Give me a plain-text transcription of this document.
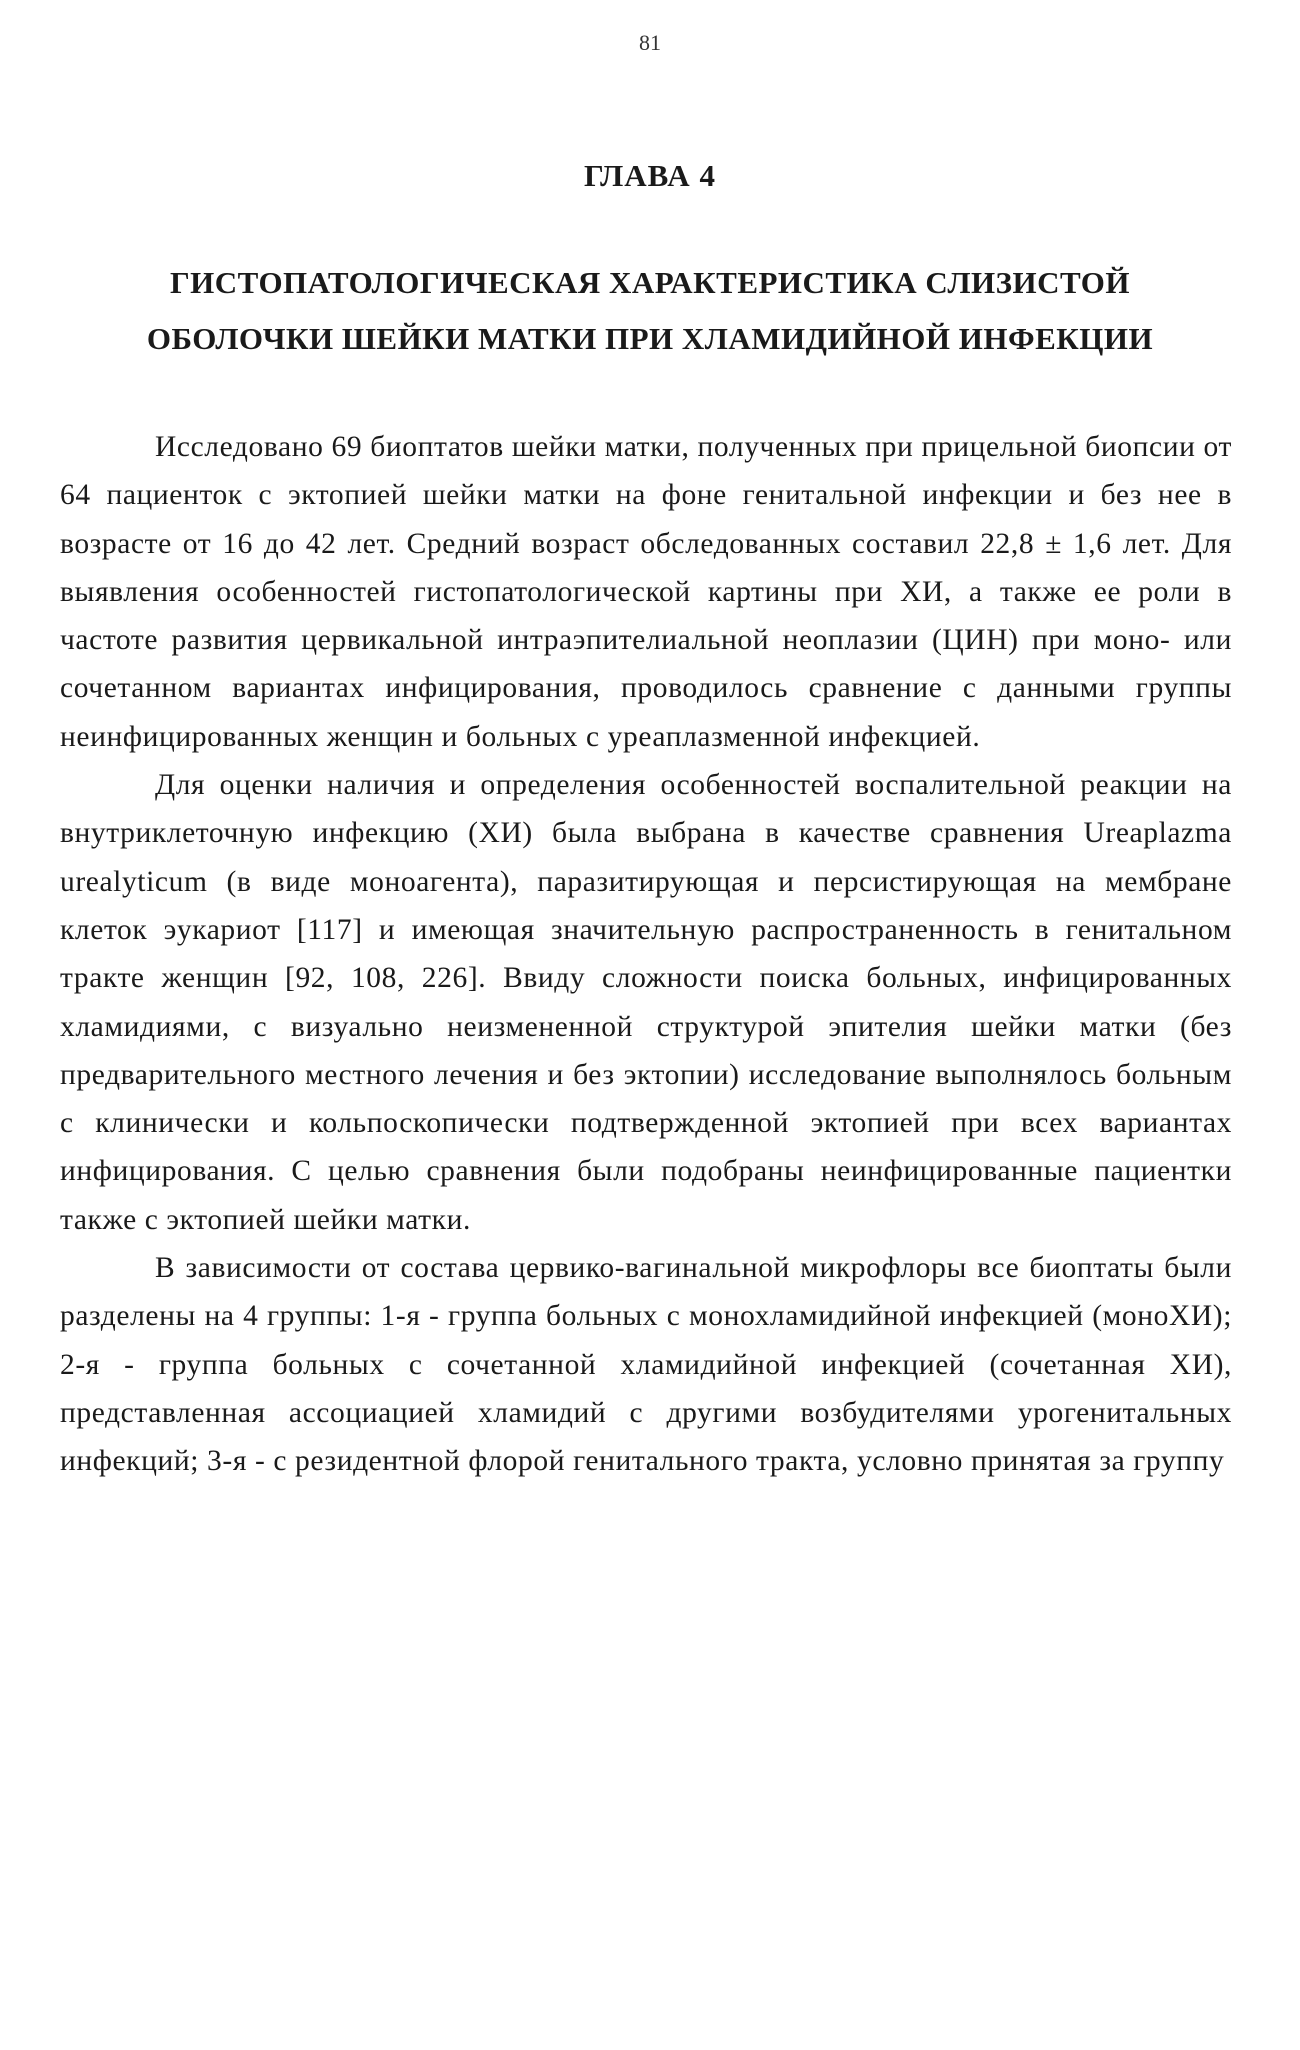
81
ГЛАВА 4
ГИСТОПАТОЛОГИЧЕСКАЯ ХАРАКТЕРИСТИКА СЛИЗИСТОЙ
ОБОЛОЧКИ ШЕЙКИ МАТКИ ПРИ ХЛАМИДИЙНОЙ ИНФЕКЦИИ

Исследовано 69 биоптатов шейки матки, полученных при прицельной биопсии от 64 пациенток с эктопией шейки матки на фоне генитальной инфекции и без нее в возрасте от 16 до 42 лет. Средний возраст обследованных составил 22,8 ± 1,6 лет. Для выявления особенностей гистопатологической картины при ХИ, а также ее роли в частоте развития цервикальной интраэпителиальной неоплазии (ЦИН) при моно- или сочетанном вариантах инфицирования, проводилось сравнение с данными группы неинфицированных женщин и больных с уреаплазменной инфекцией.

Для оценки наличия и определения особенностей воспалительной реакции на внутриклеточную инфекцию (ХИ) была выбрана в качестве сравнения Ureaplazma urealyticum (в виде моноагента), паразитирующая и персистирующая на мембране клеток эукариот [117] и имеющая значительную распространенность в генитальном тракте женщин [92, 108, 226]. Ввиду сложности поиска больных, инфицированных хламидиями, с визуально неизмененной структурой эпителия шейки матки (без предварительного местного лечения и без эктопии) исследование выполнялось больным с клинически и кольпоскопически подтвержденной эктопией при всех вариантах инфицирования. С целью сравнения были подобраны неинфицированные пациентки также с эктопией шейки матки.

В зависимости от состава цервико-вагинальной микрофлоры все биоптаты были разделены на 4 группы: 1-я - группа больных с монохламидийной инфекцией (моноХИ); 2-я - группа больных с сочетанной хламидийной инфекцией (сочетанная ХИ), представленная ассоциацией хламидий с другими возбудителями урогенитальных инфекций; 3-я - с резидентной флорой генитального тракта, условно принятая за группу
